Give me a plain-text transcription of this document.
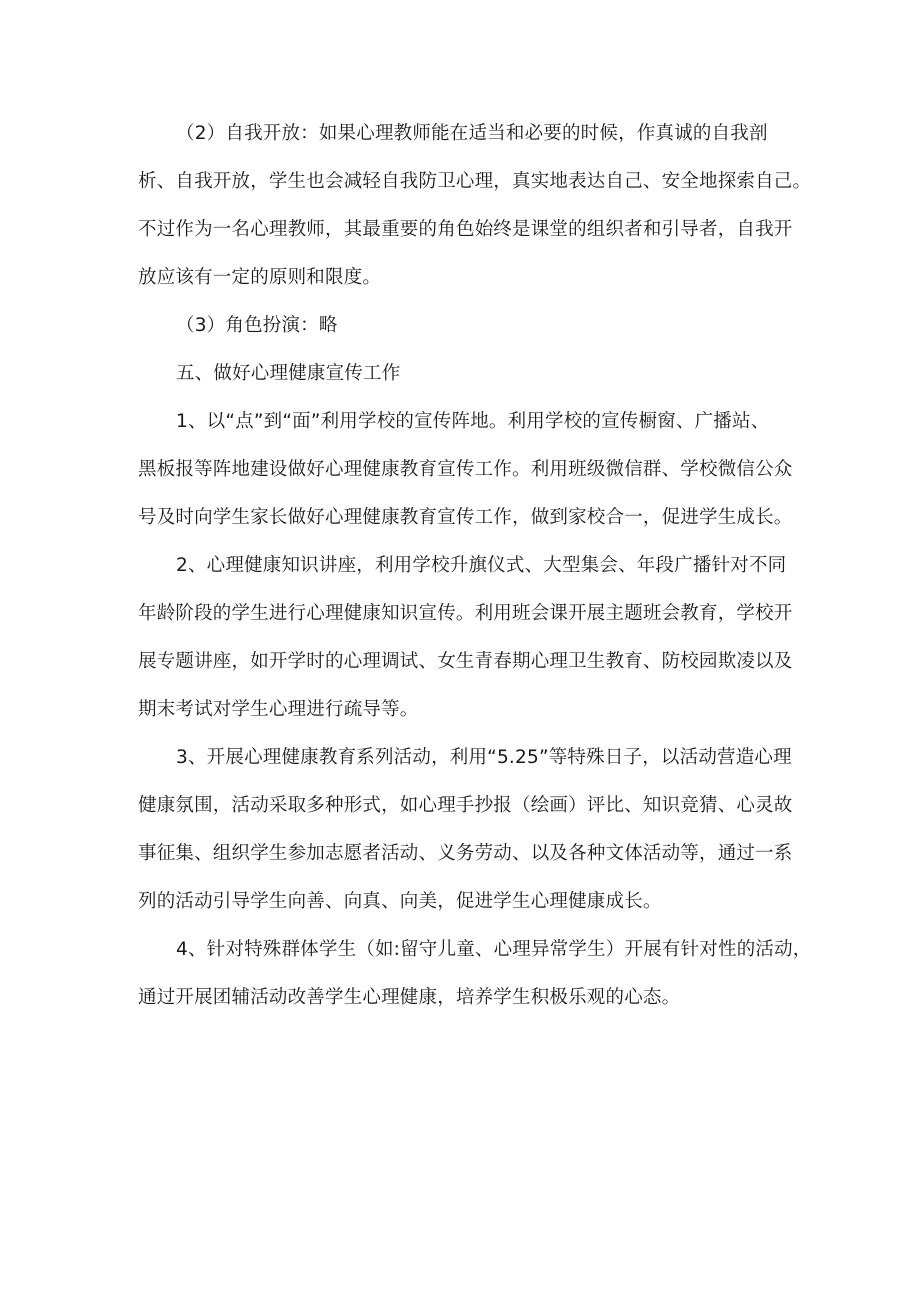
（2）自我开放：如果心理教师能在适当和必要的时候，作真诚的自我剖
析、自我开放，学生也会减轻自我防卫心理，真实地表达自己、安全地探索自己。
不过作为一名心理教师，其最重要的角色始终是课堂的组织者和引导者，自我开
放应该有一定的原则和限度。
（3）角色扮演：略
五、做好心理健康宣传工作
1、以“点”到“面”利用学校的宣传阵地。利用学校的宣传橱窗、广播站、
黑板报等阵地建设做好心理健康教育宣传工作。利用班级微信群、学校微信公众
号及时向学生家长做好心理健康教育宣传工作，做到家校合一，促进学生成长。
2、心理健康知识讲座，利用学校升旗仪式、大型集会、年段广播针对不同
年龄阶段的学生进行心理健康知识宣传。利用班会课开展主题班会教育，学校开
展专题讲座，如开学时的心理调试、女生青春期心理卫生教育、防校园欺凌以及
期末考试对学生心理进行疏导等。
3、开展心理健康教育系列活动，利用“5.25”等特殊日子，以活动营造心理
健康氛围，活动采取多种形式，如心理手抄报（绘画）评比、知识竞猜、心灵故
事征集、组织学生参加志愿者活动、义务劳动、以及各种文体活动等，通过一系
列的活动引导学生向善、向真、向美，促进学生心理健康成长。
4、针对特殊群体学生（如:留守儿童、心理异常学生）开展有针对性的活动，
通过开展团辅活动改善学生心理健康，培养学生积极乐观的心态。
